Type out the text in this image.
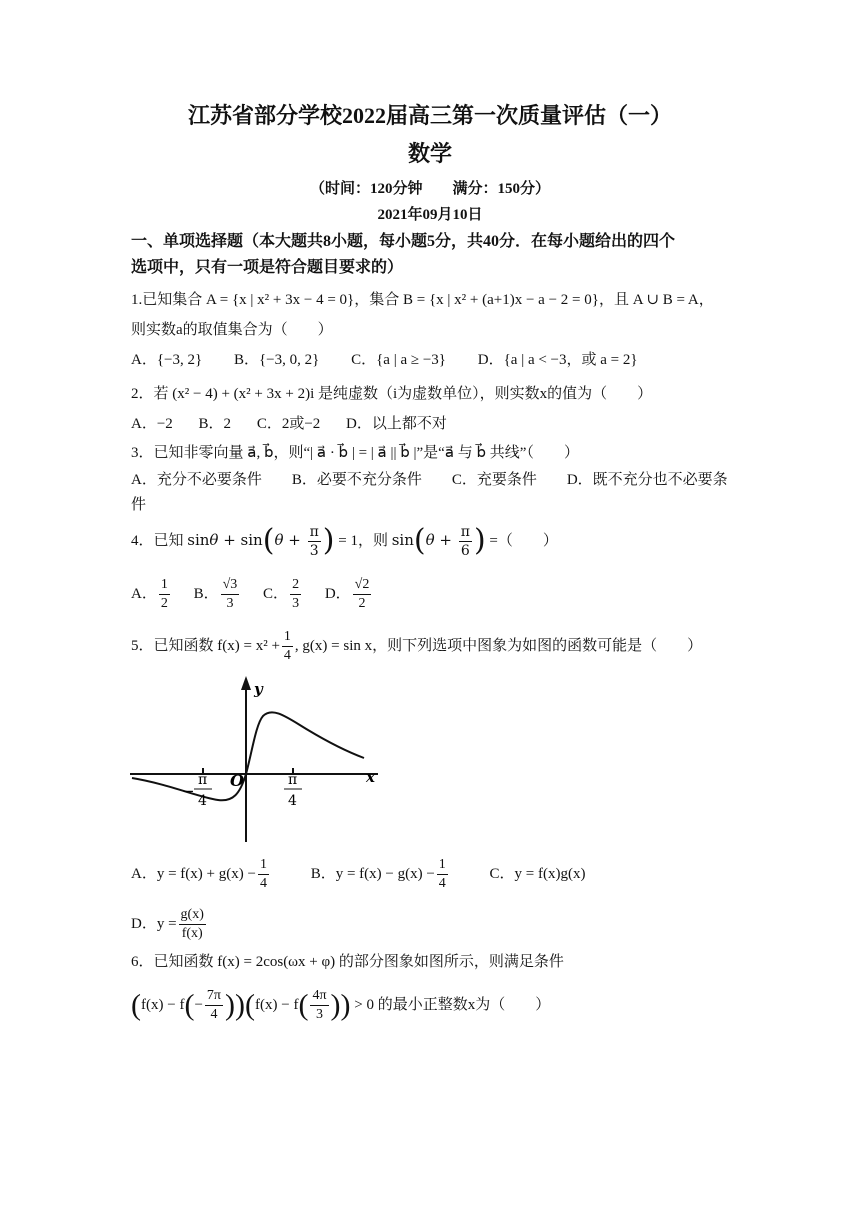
江苏省部分学校2022届高三第一次质量评估（一）
数学
（时间：120分钟　　满分：150分）
2021年09月10日
一、单项选择题（本大题共8小题，每小题5分，共40分．在每小题给出的四个
选项中，只有一项是符合题目要求的）
1.已知集合 A = {x | x² + 3x − 4 = 0}，集合 B = {x | x² + (a+1)x − a − 2 = 0}，且 A ∪ B = A，
则实数a的取值集合为（　　）
A．{−3, 2} B．{−3, 0, 2} C．{a | a ≥ −3} D．{a | a < −3，或 a = 2}
2．若 (x² − 4) + (x² + 3x + 2)i 是纯虚数（i为虚数单位），则实数x的值为（　　）
A．−2 B．2 C．2或−2 D．以上都不对
3．已知非零向量 a⃗, b⃗，则“| a⃗ · b⃗ | = | a⃗ || b⃗ |”是“a⃗ 与 b⃗ 共线”（　　）
A．充分不必要条件　　B．必要不充分条件　　C．充要条件　　D．既不充分也不必要条
件
4．已知 $\sin\theta + \sin(\theta + \frac{\pi}{3}$ ) = 1，则 $\sin(\theta + \frac{\pi}{6}$ ) =（　　）
A． $\frac{1}{2}$ B． $\frac{√3}{3}$ C． $\frac{2}{3}$ D． $\frac{√2}{2}$
5．已知函数 $f(x) = x^2 + \frac{1}{4}$ , g(x) = sin x，则下列选项中图象为如图的函数可能是（　　）
y
x
O
−
π
4
π
4
A．$y = f(x) + g(x) - \frac{1}{4}$	B．$y = f(x) - g(x) - \frac{1}{4}$	C．y = f(x)g(x)
D．$y = \frac{g(x)}{f(x)}$
6．已知函数 f(x) = 2cos(ωx + φ) 的部分图象如图所示，则满足条件
$(f(x) - f(- \frac{7\pi}{4} ))(f(x) - f( \frac{4\pi}{3}$ )) > 0 的最小正整数x为（　　）
